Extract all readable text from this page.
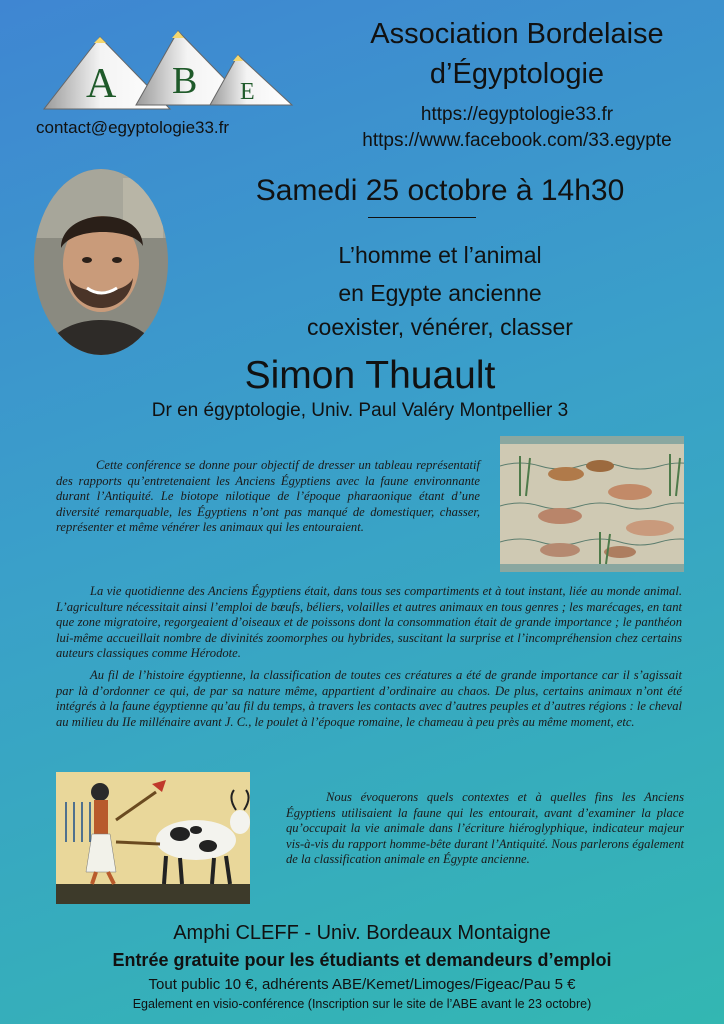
A B E
contact@egyptologie33.fr
Association Bordelaise
d’Égyptologie
https://egyptologie33.fr
https://www.facebook.com/33.egypte
Samedi 25 octobre à 14h30
L’homme et l’animal
en Egypte ancienne
coexister, vénérer, classer
Simon Thuault
Dr en égyptologie, Univ. Paul Valéry Montpellier 3
Cette conférence se donne pour objectif de dresser un tableau représentatif des rapports qu’entretenaient les Anciens Égyptiens avec la faune environnante durant l’Antiquité. Le biotope nilotique de l’époque pharaonique étant d’une diversité remarquable, les Égyptiens n’ont pas manqué de domestiquer, chasser, représenter et même vénérer les animaux qui les entouraient.
La vie quotidienne des Anciens Égyptiens était, dans tous ses compartiments et à tout instant, liée au monde animal. L’agriculture nécessitait ainsi l’emploi de bœufs, béliers, volailles et autres animaux en tous genres ; les marécages, en tant que zone migratoire, regorgeaient d’oiseaux et de poissons dont la consommation était de grande importance ; le panthéon lui-même accueillait nombre de divinités zoomorphes ou hybrides, suscitant la surprise et l’incompréhension chez certains auteurs classiques comme Hérodote.
Au fil de l’histoire égyptienne, la classification de toutes ces créatures a été de grande importance car il s’agissait par là d’ordonner ce qui, de par sa nature même, appartient d’ordinaire au chaos. De plus, certains animaux n’ont été intégrés à la faune égyptienne qu’au fil du temps, à travers les contacts avec d’autres peuples et d’autres régions : le cheval au milieu du IIe millénaire avant J. C., le poulet à l’époque romaine, le chameau à peu près au même moment, etc.
Nous évoquerons quels contextes et à quelles fins les Anciens Égyptiens utilisaient la faune qui les entourait, avant d’examiner la place qu’occupait la vie animale dans l’écriture hiéroglyphique, indicateur majeur vis-à-vis du rapport homme-bête durant l’Antiquité. Nous parlerons également de la classification animale en Égypte ancienne.
Amphi CLEFF - Univ. Bordeaux Montaigne
Entrée gratuite pour les étudiants et demandeurs d’emploi
Tout public 10 €, adhérents ABE/Kemet/Limoges/Figeac/Pau 5 €
Egalement en visio-conférence (Inscription sur le site de l’ABE avant le 23 octobre)
